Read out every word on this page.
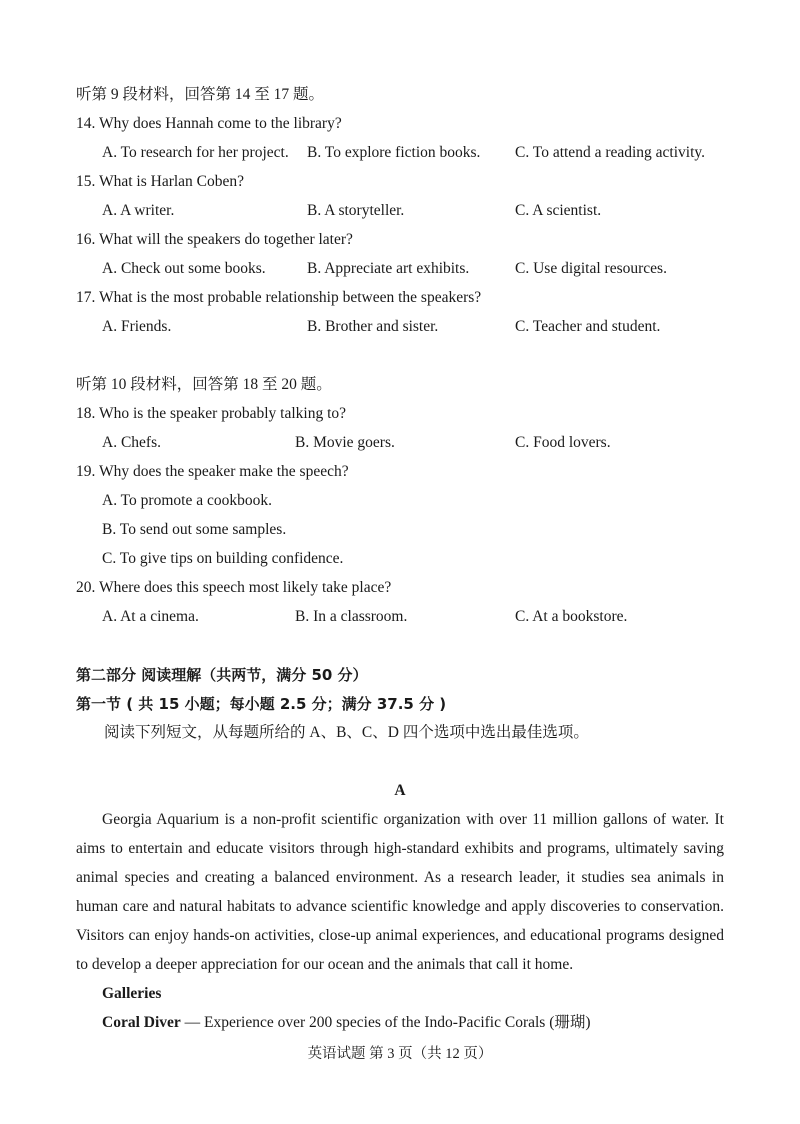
听第 9 段材料，回答第 14 至 17 题。
14. Why does Hannah come to the library?
A. To research for her project. B. To explore fiction books. C. To attend a reading activity.
15. What is Harlan Coben?
A. A writer.	B. A storyteller.	C. A scientist.
16. What will the speakers do together later?
A. Check out some books.	B. Appreciate art exhibits.	C. Use digital resources.
17. What is the most probable relationship between the speakers?
A. Friends.	B. Brother and sister.	C. Teacher and student.
听第 10 段材料，回答第 18 至 20 题。
18. Who is the speaker probably talking to?
A. Chefs.	B. Movie goers.	C. Food lovers.
19. Why does the speaker make the speech?
A. To promote a cookbook.
B. To send out some samples.
C. To give tips on building confidence.
20. Where does this speech most likely take place?
A. At a cinema.	B. In a classroom.	C. At a bookstore.
第二部分 阅读理解（共两节，满分 50 分）
第一节 ( 共 15 小题；每小题 2.5 分；满分 37.5 分 )
阅读下列短文，从每题所给的 A、B、C、D 四个选项中选出最佳选项。
A
Georgia Aquarium is a non-profit scientific organization with over 11 million gallons of water. It aims to entertain and educate visitors through high-standard exhibits and programs, ultimately saving animal species and creating a balanced environment. As a research leader, it studies sea animals in human care and natural habitats to advance scientific knowledge and apply discoveries to conservation. Visitors can enjoy hands-on activities, close-up animal experiences, and educational programs designed to develop a deeper appreciation for our ocean and the animals that call it home.
Galleries
Coral Diver — Experience over 200 species of the Indo-Pacific Corals (珊瑚)
英语试题 第 3 页（共 12 页）
